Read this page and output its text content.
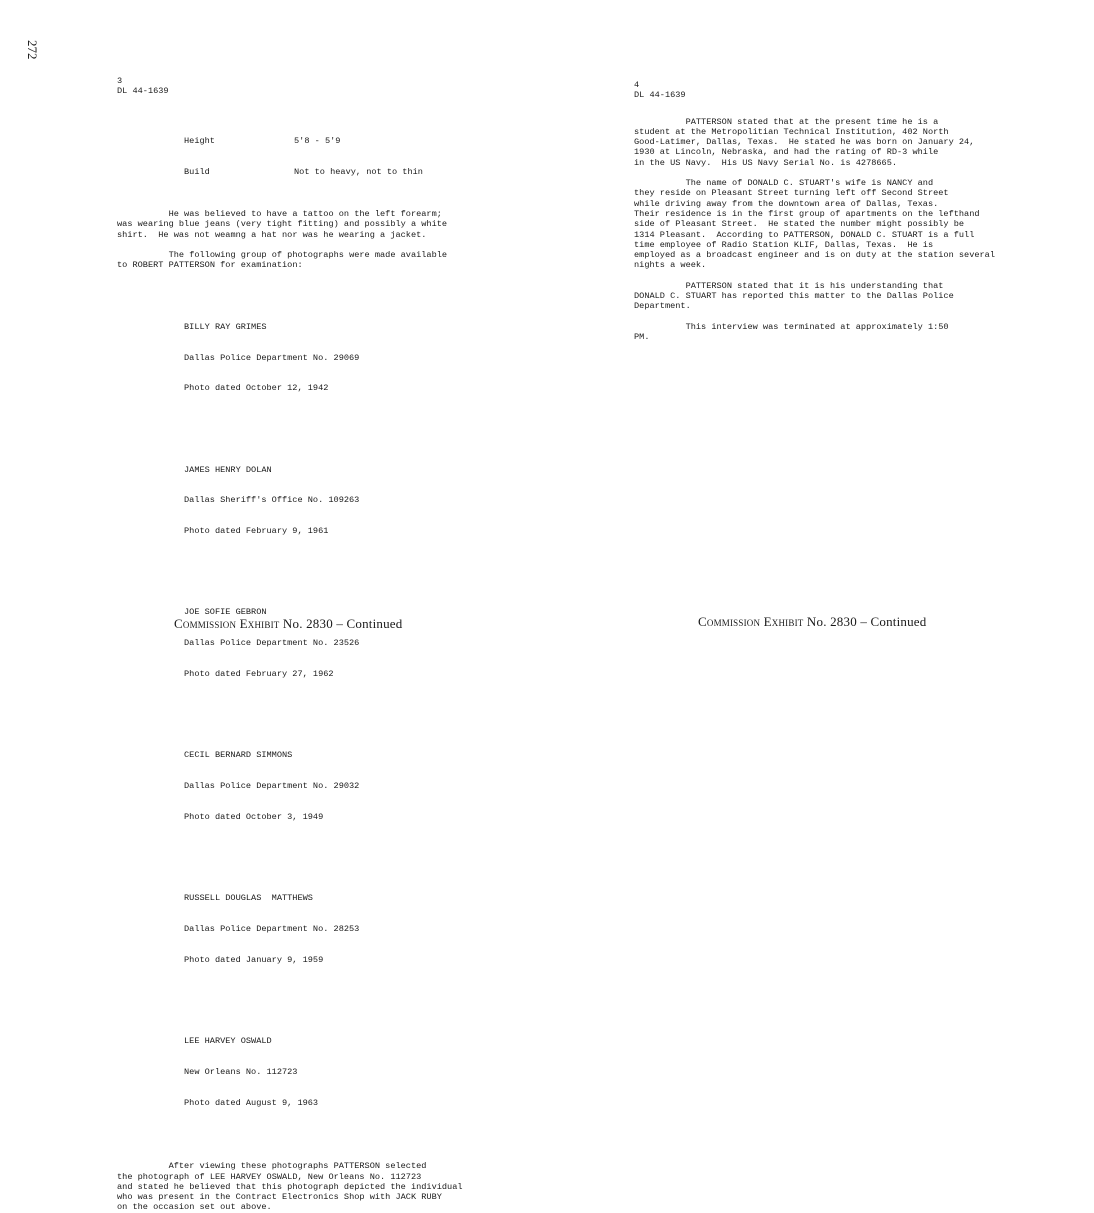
272
3
DL 44-1639

Height	5'8 - 5'9

Build	Not to heavy, not to thin

He was believed to have a tattoo on the left forearm;
was wearing blue jeans (very tight fitting) and possibly a white
shirt.  He was not weamng a hat nor was he wearing a jacket.
The following group of photographs were made available
to ROBERT PATTERSON for examination:

BILLY RAY GRIMES

Dallas Police Department No. 29069

Photo dated October 12, 1942

JAMES HENRY DOLAN

Dallas Sheriff's Office No. 109263

Photo dated February 9, 1961

JOE SOFIE GEBRON

Dallas Police Department No. 23526

Photo dated February 27, 1962

CECIL BERNARD SIMMONS

Dallas Police Department No. 29032

Photo dated October 3, 1949

RUSSELL DOUGLAS  MATTHEWS

Dallas Police Department No. 28253

Photo dated January 9, 1959

LEE HARVEY OSWALD

New Orleans No. 112723

Photo dated August 9, 1963

After viewing these photographs PATTERSON selected
the photograph of LEE HARVEY OSWALD, New Orleans No. 112723
and stated he believed that this photograph depicted the individual
who was present in the Contract Electronics Shop with JACK RUBY
on the occasion set out above.
Commission Exhibit No. 2830 – Continued
4
DL 44-1639
PATTERSON stated that at the present time he is a
student at the Metropolitian Technical Institution, 402 North
Good-Latimer, Dallas, Texas.  He stated he was born on January 24,
1930 at Lincoln, Nebraska, and had the rating of RD-3 while
in the US Navy.  His US Navy Serial No. is 4278665.
The name of DONALD C. STUART's wife is NANCY and
they reside on Pleasant Street turning left off Second Street
while driving away from the downtown area of Dallas, Texas.
Their residence is in the first group of apartments on the lefthand
side of Pleasant Street.  He stated the number might possibly be
1314 Pleasant.  According to PATTERSON, DONALD C. STUART is a full
time employee of Radio Station KLIF, Dallas, Texas.  He is
employed as a broadcast engineer and is on duty at the station several
nights a week.
PATTERSON stated that it is his understanding that
DONALD C. STUART has reported this matter to the Dallas Police
Department.
This interview was terminated at approximately 1:50
PM.
Commission Exhibit No. 2830 – Continued
